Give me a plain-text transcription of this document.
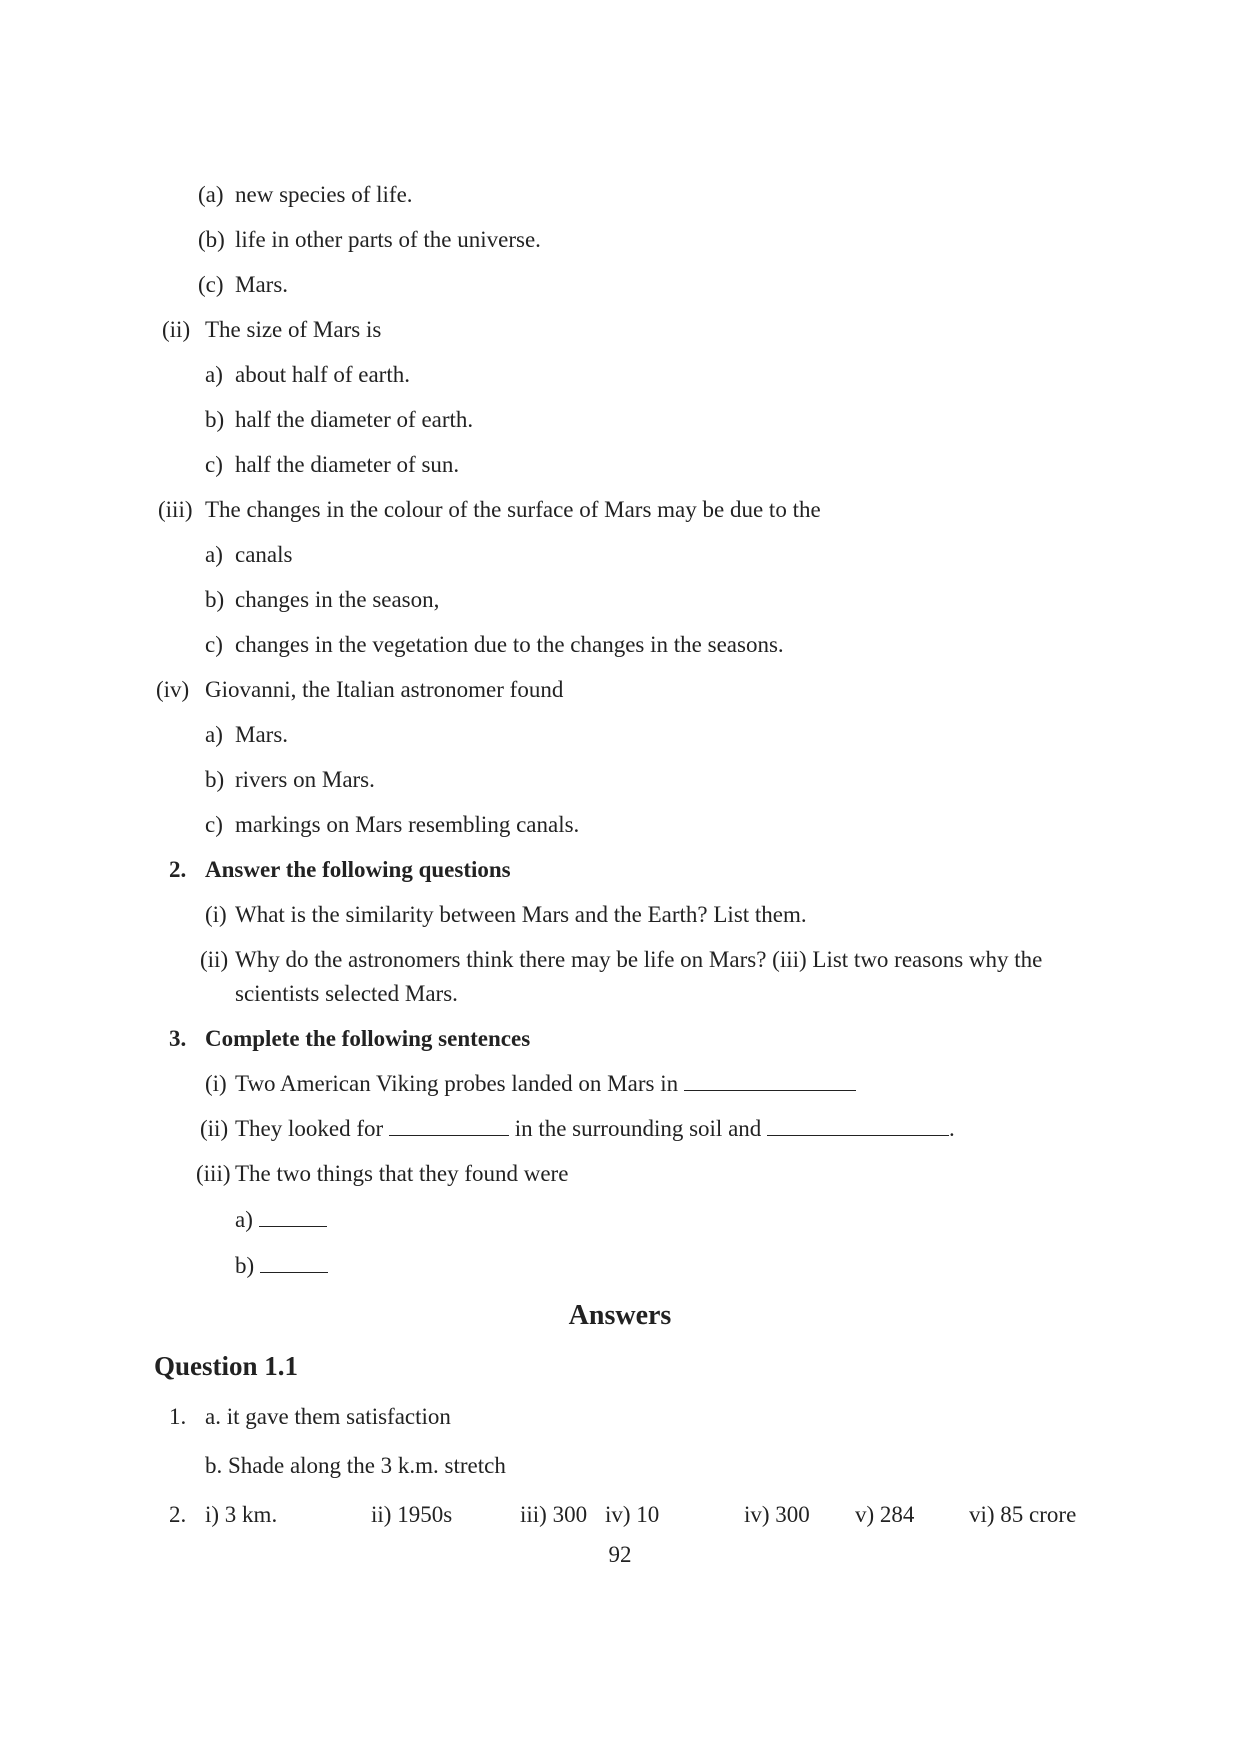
(a) new species of life.
(b) life in other parts of the universe.
(c) Mars.
(ii) The size of Mars is
a) about half of earth.
b) half the diameter of earth.
c) half the diameter of sun.
(iii) The changes in the colour of the surface of Mars may be due to the
a) canals
b) changes in the season,
c) changes in the vegetation due to the changes in the seasons.
(iv) Giovanni, the Italian astronomer found
a) Mars.
b) rivers on Mars.
c) markings on Mars resembling canals.
2. Answer the following questions
(i) What is the similarity between Mars and the Earth? List them.
(ii) Why do the astronomers think there may be life on Mars? (iii) List two reasons why the
scientists selected Mars.
3. Complete the following sentences
(i) Two American Viking probes landed on Mars in
(ii) They looked for	in the surrounding soil and	.
(iii) The two things that they found were
a)
b)
Answers
Question 1.1
1. a. it gave them satisfaction
b. Shade along the 3 k.m. stretch
2. i) 3 km.	ii) 1950s	iii) 300 iv) 10	iv) 300 v) 284 vi) 85 crore
92
